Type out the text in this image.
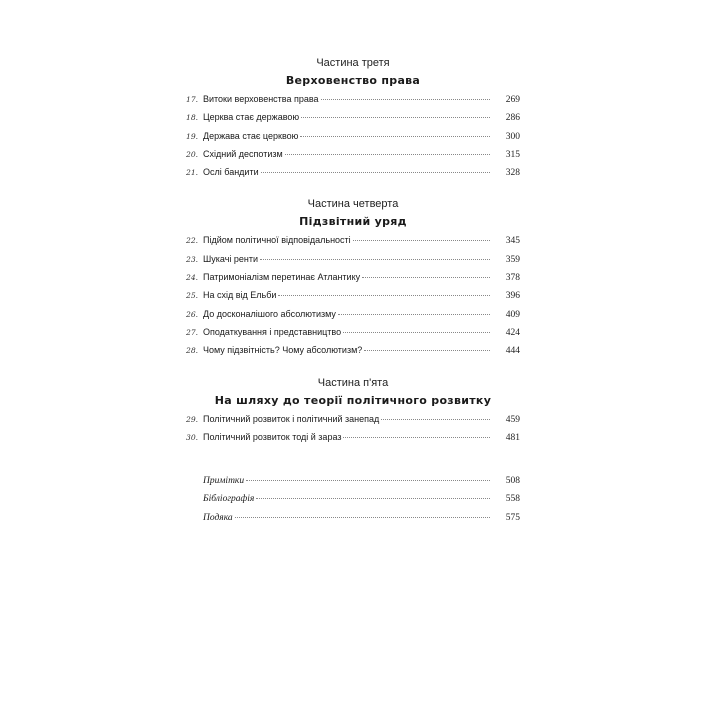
Частина третя
Верховенство права
17. Витоки верховенства права	269
18. Церква стає державою	286
19. Держава стає церквою	300
20. Східний деспотизм	315
21. Ослі бандити	328
Частина четверта
Підзвітний уряд
22. Підйом політичної відповідальності	345
23. Шукачі ренти	359
24. Патримоніалізм перетинає Атлантику	378
25. На схід від Ельби	396
26. До досконалішого абсолютизму	409
27. Оподаткування і представництво	424
28. Чому підзвітність? Чому абсолютизм?	444
Частина п'ята
На шляху до теорії політичного розвитку
29. Політичний розвиток і політичний занепад	459
30. Політичний розвиток тоді й зараз	481
Примітки	508
Бібліографія	558
Подяка	575
